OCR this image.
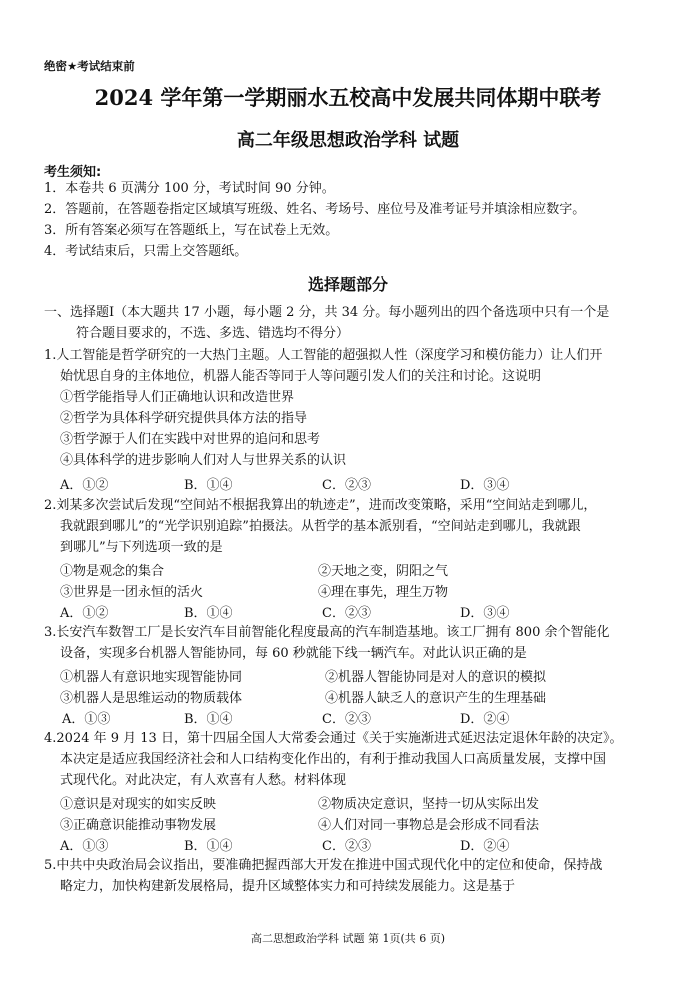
绝密★考试结束前
2024 学年第一学期丽水五校高中发展共同体期中联考
高二年级思想政治学科 试题
考生须知:
1．本卷共 6 页满分 100 分，考试时间 90 分钟。
2．答题前，在答题卷指定区域填写班级、姓名、考场号、座位号及准考证号并填涂相应数字。
3．所有答案必须写在答题纸上，写在试卷上无效。
4．考试结束后，只需上交答题纸。
选择题部分
一、选择题Ⅰ（本大题共 17 小题，每小题 2 分，共 34 分。每小题列出的四个备选项中只有一个是
符合题目要求的，不选、多选、错选均不得分）
1.人工智能是哲学研究的一大热门主题。人工智能的超强拟人性（深度学习和模仿能力）让人们开
始忧思自身的主体地位，机器人能否等同于人等问题引发人们的关注和讨论。这说明
①哲学能指导人们正确地认识和改造世界
②哲学为具体科学研究提供具体方法的指导
③哲学源于人们在实践中对世界的追问和思考
④具体科学的进步影响人们对人与世界关系的认识
A．①②	B．①④	C．②③	D．③④
2.刘某多次尝试后发现“空间站不根据我算出的轨迹走”，进而改变策略，采用“空间站走到哪儿，
我就跟到哪儿”的“光学识别追踪”拍摄法。从哲学的基本派别看，“空间站走到哪儿，我就跟
到哪儿”与下列选项一致的是
①物是观念的集合	②天地之变，阴阳之气
③世界是一团永恒的活火	④理在事先，理生万物
A．①②	B．①④	C．②③	D．③④
3.长安汽车数智工厂是长安汽车目前智能化程度最高的汽车制造基地。该工厂拥有 800 余个智能化
设备，实现多台机器人智能协同，每 60 秒就能下线一辆汽车。对此认识正确的是
①机器人有意识地实现智能协同	②机器人智能协同是对人的意识的模拟
③机器人是思维运动的物质载体	④机器人缺乏人的意识产生的生理基础
A．①③	B．①④	C．②③	D．②④
4.2024 年 9 月 13 日，第十四届全国人大常委会通过《关于实施渐进式延迟法定退休年龄的决定》。
本决定是适应我国经济社会和人口结构变化作出的，有利于推动我国人口高质量发展，支撑中国
式现代化。对此决定，有人欢喜有人愁。材料体现
①意识是对现实的如实反映	②物质决定意识，坚持一切从实际出发
③正确意识能推动事物发展	④人们对同一事物总是会形成不同看法
A．①③	B．①④	C．②③	D．②④
5.中共中央政治局会议指出，要准确把握西部大开发在推进中国式现代化中的定位和使命，保持战
略定力，加快构建新发展格局，提升区域整体实力和可持续发展能力。这是基于
高二思想政治学科 试题 第 1页(共 6 页)
